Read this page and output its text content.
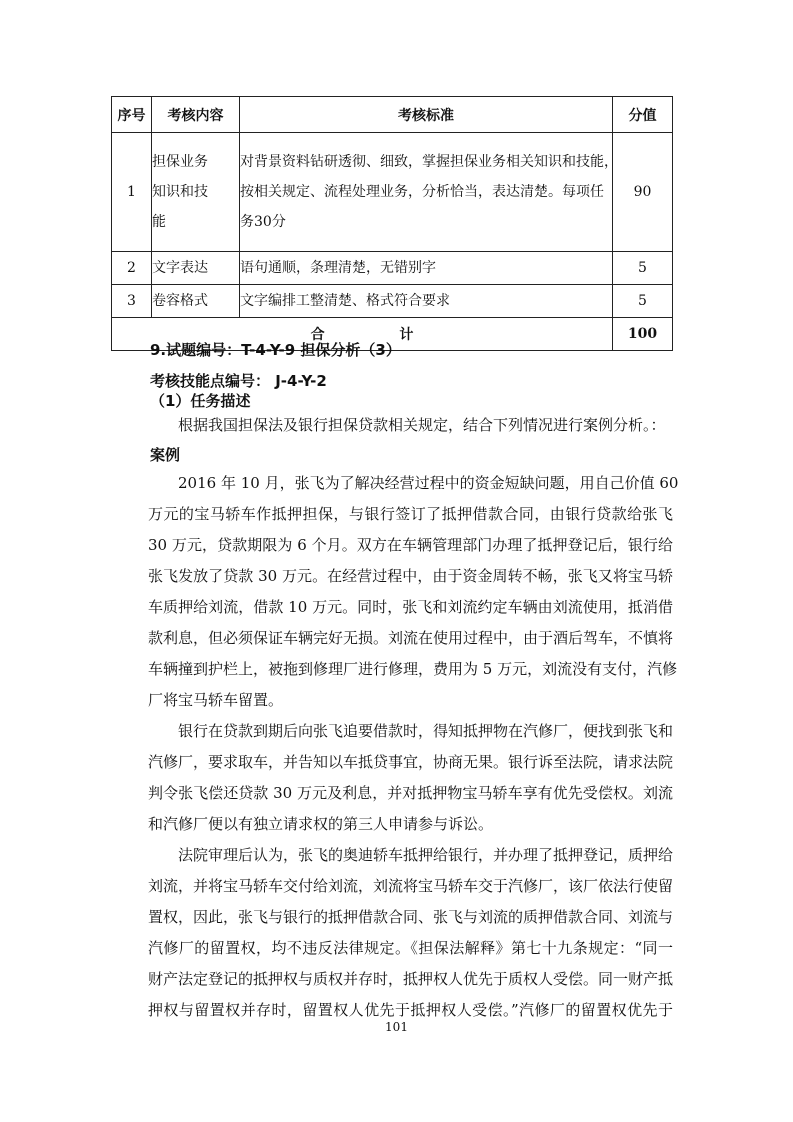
序号	考核内容	考核标准	分值
1	担保业务
知识和技
能	对背景资料钻研透彻、细致，掌握担保业务相关知识和技能，
按相关规定、流程处理业务，分析恰当，表达清楚。每项任
务30分	90
2	文字表达	语句通顺，条理清楚，无错别字	5
3	卷容格式	文字编排工整清楚、格式符合要求	5
合 计			100
9.试题编号：T-4-Y-9 担保分析（3）
考核技能点编号： J-4-Y-2
（1）任务描述
根据我国担保法及银行担保贷款相关规定，结合下列情况进行案例分析。：
案例
2016 年 10 月，张飞为了解决经营过程中的资金短缺问题，用自己价值 60
万元的宝马轿车作抵押担保，与银行签订了抵押借款合同，由银行贷款给张飞
30 万元，贷款期限为 6 个月。双方在车辆管理部门办理了抵押登记后，银行给
张飞发放了贷款 30 万元。在经营过程中，由于资金周转不畅，张飞又将宝马轿
车质押给刘流，借款 10 万元。同时，张飞和刘流约定车辆由刘流使用，抵消借
款利息，但必须保证车辆完好无损。刘流在使用过程中，由于酒后驾车，不慎将
车辆撞到护栏上，被拖到修理厂进行修理，费用为 5 万元，刘流没有支付，汽修
厂将宝马轿车留置。
银行在贷款到期后向张飞追要借款时，得知抵押物在汽修厂，便找到张飞和
汽修厂，要求取车，并告知以车抵贷事宜，协商无果。银行诉至法院，请求法院
判令张飞偿还贷款 30 万元及利息，并对抵押物宝马轿车享有优先受偿权。刘流
和汽修厂便以有独立请求权的第三人申请参与诉讼。
法院审理后认为，张飞的奥迪轿车抵押给银行，并办理了抵押登记，质押给
刘流，并将宝马轿车交付给刘流，刘流将宝马轿车交于汽修厂，该厂依法行使留
置权，因此，张飞与银行的抵押借款合同、张飞与刘流的质押借款合同、刘流与
汽修厂的留置权，均不违反法律规定。《担保法解释》第七十九条规定：“同一
财产法定登记的抵押权与质权并存时，抵押权人优先于质权人受偿。同一财产抵
押权与留置权并存时，留置权人优先于抵押权人受偿。”汽修厂的留置权优先于
101
